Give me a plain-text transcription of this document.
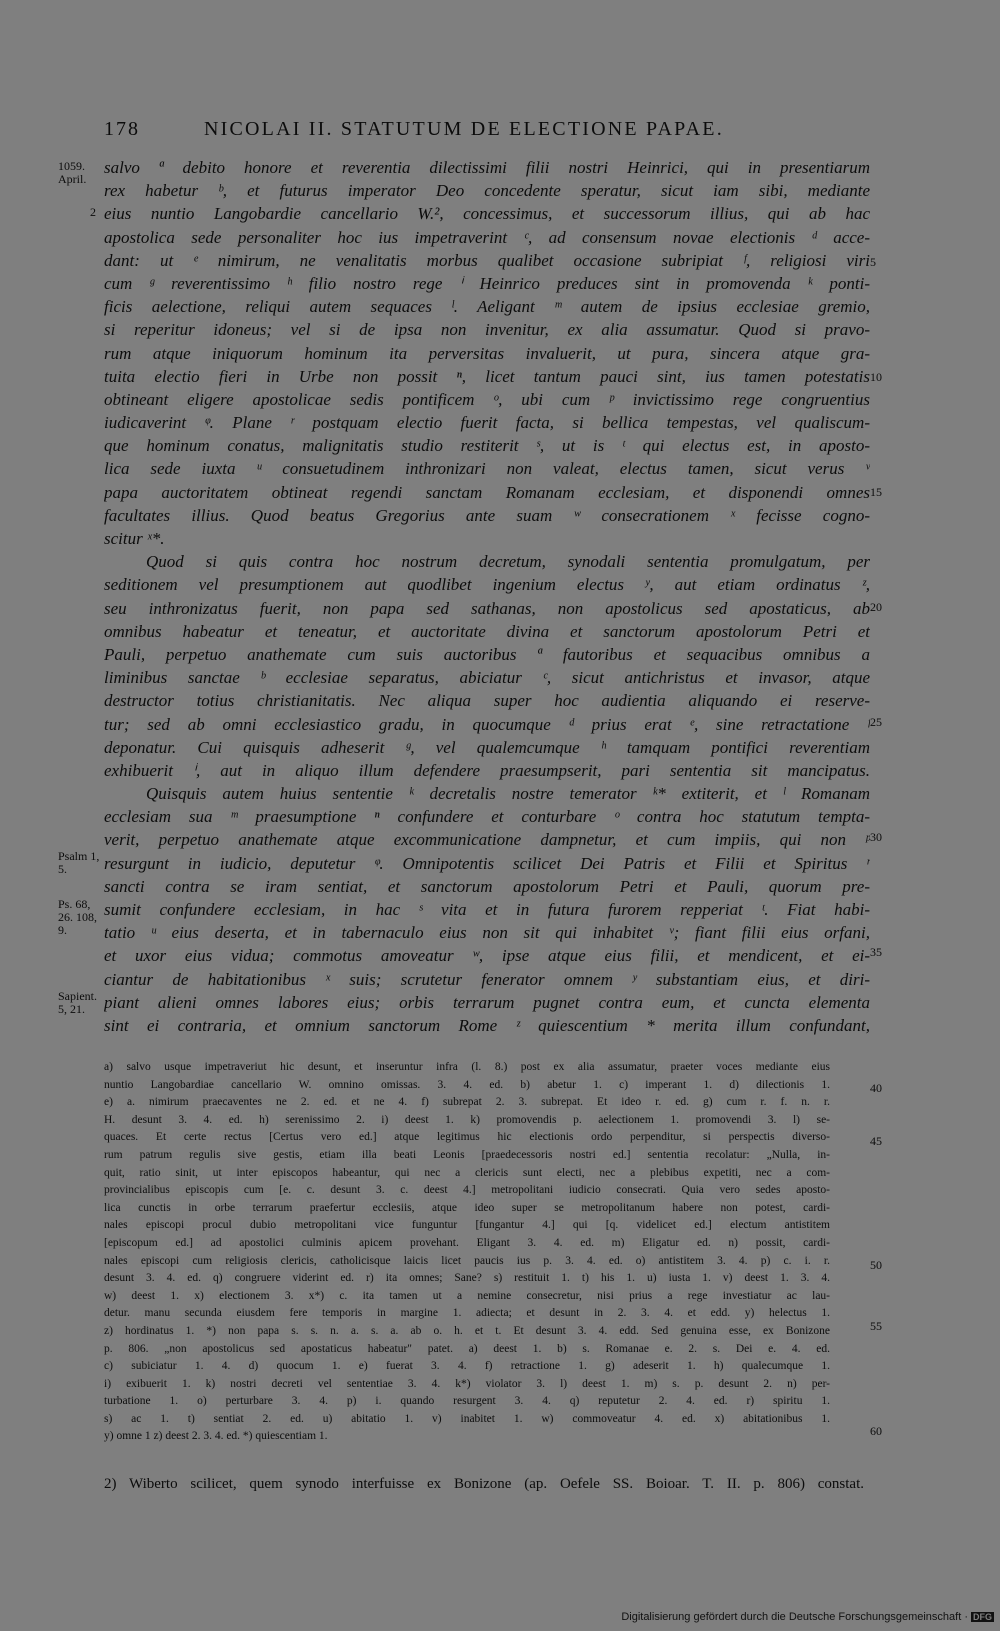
178	NICOLAI II. STATUTUM DE ELECTIONE PAPAE.
1059. April.
Psalm 1, 5.
Ps. 68, 26. 108, 9.
Sapient. 5, 21.
salvo ª debito honore et reverentia dilectissimi filii nostri Heinrici, qui in presentiarum
rex habetur ᵇ, et futurus imperator Deo concedente speratur, sicut iam sibi, mediante
eius nuntio Langobardie cancellario W.², concessimus, et successorum illius, qui ab hac
apostolica sede personaliter hoc ius impetraverint ᶜ, ad consensum novae electionis ᵈ acce-
dant: ut ᵉ nimirum, ne venalitatis morbus qualibet occasione subripiat ᶠ, religiosi viri
cum ᵍ reverentissimo ʰ filio nostro rege ⁱ Heinrico preduces sint in promovenda ᵏ ponti-
ficis aelectione, reliqui autem sequaces ˡ. Aeligant ᵐ autem de ipsius ecclesiae gremio,
si reperitur idoneus; vel si de ipsa non invenitur, ex alia assumatur. Quod si pravo-
rum atque iniquorum hominum ita perversitas invaluerit, ut pura, sincera atque gra-
tuita electio fieri in Urbe non possit ⁿ, licet tantum pauci sint, ius tamen potestatis
obtineant eligere apostolicae sedis pontificem ᵒ, ubi cum ᵖ invictissimo rege congruentius
iudicaverint ᵠ. Plane ʳ postquam electio fuerit facta, si bellica tempestas, vel qualiscum-
que hominum conatus, malignitatis studio restiterit ˢ, ut is ᵗ qui electus est, in aposto-
lica sede iuxta ᵘ consuetudinem inthronizari non valeat, electus tamen, sicut verus ᵛ
papa auctoritatem obtineat regendi sanctam Romanam ecclesiam, et disponendi omnes
facultates illius. Quod beatus Gregorius ante suam ʷ consecrationem ˣ fecisse cogno-
scitur ˣ*.
Quod si quis contra hoc nostrum decretum, synodali sententia promulgatum, per
seditionem vel presumptionem aut quodlibet ingenium electus ʸ, aut etiam ordinatus ᶻ,
seu inthronizatus fuerit, non papa sed sathanas, non apostolicus sed apostaticus, ab
omnibus habeatur et teneatur, et auctoritate divina et sanctorum apostolorum Petri et
Pauli, perpetuo anathemate cum suis auctoribus ª fautoribus et sequacibus omnibus a
liminibus sanctae ᵇ ecclesiae separatus, abiciatur ᶜ, sicut antichristus et invasor, atque
destructor totius christianitatis. Nec aliqua super hoc audientia aliquando ei reserve-
tur; sed ab omni ecclesiastico gradu, in quocumque ᵈ prius erat ᵉ, sine retractatione ᶠ
deponatur. Cui quisquis adheserit ᵍ, vel qualemcumque ʰ tamquam pontifici reverentiam
exhibuerit ⁱ, aut in aliquo illum defendere praesumpserit, pari sententia sit mancipatus.
Quisquis autem huius sententie ᵏ decretalis nostre temerator ᵏ* extiterit, et ˡ Romanam
ecclesiam sua ᵐ praesumptione ⁿ confundere et conturbare ᵒ contra hoc statutum tempta-
verit, perpetuo anathemate atque excommunicatione dampnetur, et cum impiis, qui non ᵖ
resurgunt in iudicio, deputetur ᵠ. Omnipotentis scilicet Dei Patris et Filii et Spiritus ʳ
sancti contra se iram sentiat, et sanctorum apostolorum Petri et Pauli, quorum pre-
sumit confundere ecclesiam, in hac ˢ vita et in futura furorem repperiat ᵗ. Fiat habi-
tatio ᵘ eius deserta, et in tabernaculo eius non sit qui inhabitet ᵛ; fiant filii eius orfani,
et uxor eius vidua; commotus amoveatur ʷ, ipse atque eius filii, et mendicent, et ei-
ciantur de habitationibus ˣ suis; scrutetur fenerator omnem ʸ substantiam eius, et diri-
piant alieni omnes labores eius; orbis terrarum pugnet contra eum, et cuncta elementa
sint ei contraria, et omnium sanctorum Rome ᶻ quiescentium * merita illum confundant,
a) salvo usque impetraveriut hic desunt, et inseruntur infra (l. 8.) post ex alia assumatur, praeter voces mediante eius
nuntio Langobardiae cancellario W. omnino omissas. 3. 4. ed. b) abetur 1. c) imperant 1. d) dilectionis 1.
e) a. nimirum praecaventes ne 2. ed. et ne 4. f) subrepat 2. 3. subrepat. Et ideo r. ed. g) cum r. f. n. r.
H. desunt 3. 4. ed. h) serenissimo 2. i) deest 1. k) promovendis p. aelectionem 1. promovendi 3. l) se-
quaces. Et certe rectus [Certus vero ed.] atque legitimus hic electionis ordo perpenditur, si perspectis diverso-
rum patrum regulis sive gestis, etiam illa beati Leonis [praedecessoris nostri ed.] sententia recolatur: „Nulla, in-
quit, ratio sinit, ut inter episcopos habeantur, qui nec a clericis sunt electi, nec a plebibus expetiti, nec a com-
provincialibus episcopis cum [e. c. desunt 3. c. deest 4.] metropolitani iudicio consecrati. Quia vero sedes aposto-
lica cunctis in orbe terrarum praefertur ecclesiis, atque ideo super se metropolitanum habere non potest, cardi-
nales episcopi procul dubio metropolitani vice funguntur [fungantur 4.] qui [q. videlicet ed.] electum antistitem
[episcopum ed.] ad apostolici culminis apicem provehant. Eligant 3. 4. ed. m) Eligatur ed. n) possit, cardi-
nales episcopi cum religiosis clericis, catholicisque laicis licet paucis ius p. 3. 4. ed. o) antistitem 3. 4. p) c. i. r.
desunt 3. 4. ed. q) congruere viderint ed. r) ita omnes; Sane? s) restituit 1. t) his 1. u) iusta 1. v) deest 1. 3. 4.
w) deest 1. x) electionem 3. x*) c. ita tamen ut a nemine consecretur, nisi prius a rege investiatur ac lau-
detur. manu secunda eiusdem fere temporis in margine 1. adiecta; et desunt in 2. 3. 4. et edd. y) helectus 1.
z) hordinatus 1. *) non papa s. s. n. a. s. a. ab o. h. et t. Et desunt 3. 4. edd. Sed genuina esse, ex Bonizone
p. 806. „non apostolicus sed apostaticus habeatur" patet. a) deest 1. b) s. Romanae e. 2. s. Dei e. 4. ed.
c) subiciatur 1. 4. d) quocum 1. e) fuerat 3. 4. f) retractione 1. g) adeserit 1. h) qualecumque 1.
i) exibuerit 1. k) nostri decreti vel sententiae 3. 4. k*) violator 3. l) deest 1. m) s. p. desunt 2. n) per-
turbatione 1. o) perturbare 3. 4. p) i. quando resurgent 3. 4. q) reputetur 2. 4. ed. r) spiritu 1.
s) ac 1. t) sentiat 2. ed. u) abitatio 1. v) inabitet 1. w) commoveatur 4. ed. x) abitationibus 1.
y) omne 1 z) deest 2. 3. 4. ed. *) quiescentiam 1.
2) Wiberto scilicet, quem synodo interfuisse ex Bonizone (ap. Oefele SS. Boioar. T. II. p. 806) constat.
Digitalisierung gefördert durch die Deutsche Forschungsgemeinschaft · DFG
2
5
10
15
20
25
30
35
40
45
50
55
60
